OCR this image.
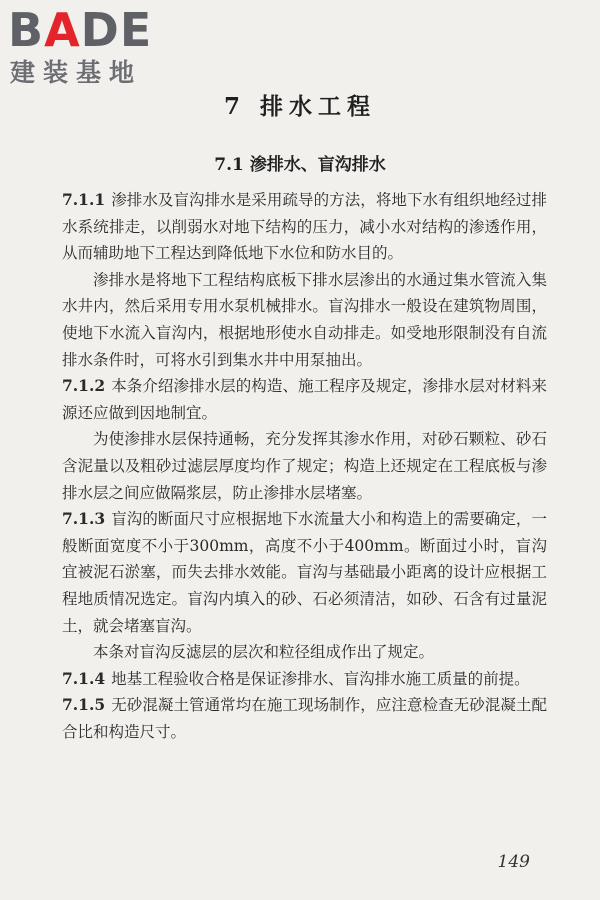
BADE
建装基地
7 排水工程
7.1 渗排水、盲沟排水

7.1.1 渗排水及盲沟排水是采用疏导的方法，将地下水有组织地经过排水系统排走，以削弱水对地下结构的压力，减小水对结构的渗透作用，从而辅助地下工程达到降低地下水位和防水目的。

渗排水是将地下工程结构底板下排水层渗出的水通过集水管流入集水井内，然后采用专用水泵机械排水。盲沟排水一般设在建筑物周围，使地下水流入盲沟内，根据地形使水自动排走。如受地形限制没有自流排水条件时，可将水引到集水井中用泵抽出。

7.1.2 本条介绍渗排水层的构造、施工程序及规定，渗排水层对材料来源还应做到因地制宜。

为使渗排水层保持通畅，充分发挥其渗水作用，对砂石颗粒、砂石含泥量以及粗砂过滤层厚度均作了规定；构造上还规定在工程底板与渗排水层之间应做隔浆层，防止渗排水层堵塞。

7.1.3 盲沟的断面尺寸应根据地下水流量大小和构造上的需要确定，一般断面宽度不小于300mm，高度不小于400mm。断面过小时，盲沟宜被泥石淤塞，而失去排水效能。盲沟与基础最小距离的设计应根据工程地质情况选定。盲沟内填入的砂、石必须清洁，如砂、石含有过量泥土，就会堵塞盲沟。

本条对盲沟反滤层的层次和粒径组成作出了规定。

7.1.4 地基工程验收合格是保证渗排水、盲沟排水施工质量的前提。

7.1.5 无砂混凝土管通常均在施工现场制作，应注意检查无砂混凝土配合比和构造尺寸。

149
